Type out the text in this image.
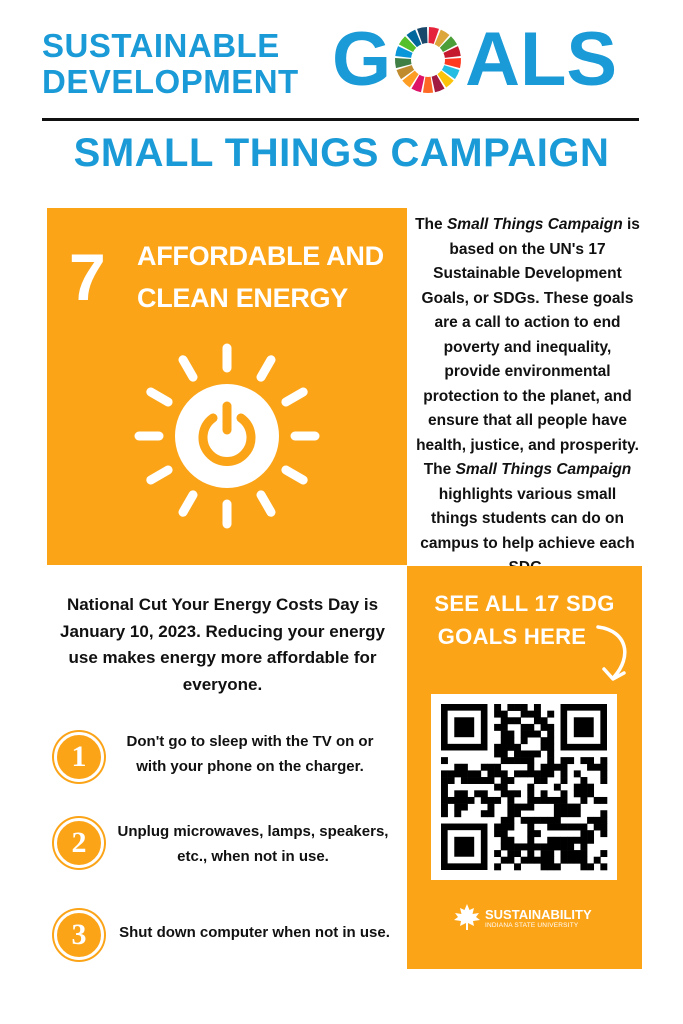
SUSTAINABLE
DEVELOPMENT G ALS
SMALL THINGS CAMPAIGN
7 AFFORDABLE AND
CLEAN ENERGY
The Small Things Campaign is based on the UN's 17 Sustainable Development Goals, or SDGs. These goals are a call to action to end poverty and inequality, provide environmental protection to the planet, and ensure that all people have health, justice, and prosperity. The Small Things Campaign highlights various small things students can do on campus to help achieve each
National Cut Your Energy Costs Day is January 10, 2023. Reducing your energy use makes energy more affordable for everyone.
1	Don't go to sleep with the TV on or with your phone on the charger.
2	Unplug microwaves, lamps, speakers, etc., when not in use.
3	Shut down computer when not in use.
SEE ALL 17 SDG
GOALS HERE
SUSTAINABILITY
INDIANA STATE UNIVERSITY
